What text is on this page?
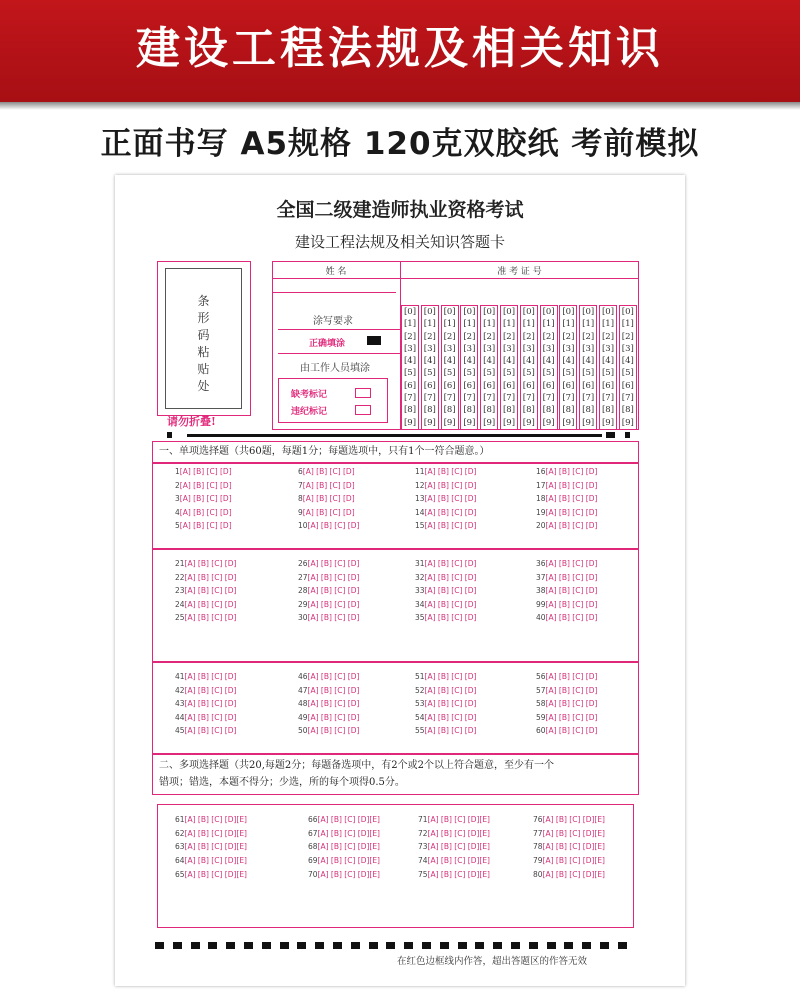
建设工程法规及相关知识
正面书写 A5规格 120克双胶纸 考前模拟
全国二级建造师执业资格考试
建设工程法规及相关知识答题卡
条
形
码
粘
贴
处
请勿折叠!
姓 名	准 考 证 号
涂写要求
正确填涂
由工作人员填涂
缺考标记
违纪标记
[0]
[1]
[2]
[3]
[4]
[5]
[6]
[7]
[8]
[9]
[0]
[1]
[2]
[3]
[4]
[5]
[6]
[7]
[8]
[9]
[0]
[1]
[2]
[3]
[4]
[5]
[6]
[7]
[8]
[9]
[0]
[1]
[2]
[3]
[4]
[5]
[6]
[7]
[8]
[9]
[0]
[1]
[2]
[3]
[4]
[5]
[6]
[7]
[8]
[9]
[0]
[1]
[2]
[3]
[4]
[5]
[6]
[7]
[8]
[9]
[0]
[1]
[2]
[3]
[4]
[5]
[6]
[7]
[8]
[9]
[0]
[1]
[2]
[3]
[4]
[5]
[6]
[7]
[8]
[9]
[0]
[1]
[2]
[3]
[4]
[5]
[6]
[7]
[8]
[9]
[0]
[1]
[2]
[3]
[4]
[5]
[6]
[7]
[8]
[9]
[0]
[1]
[2]
[3]
[4]
[5]
[6]
[7]
[8]
[9]
[0]
[1]
[2]
[3]
[4]
[5]
[6]
[7]
[8]
[9]
一、单项选择题（共60题，每题1分；每题选项中，只有1个一符合题意。）
二、多项选择题（共20,每题2分；每题备选项中，有2个或2个以上符合题意，至少有一个
错项；错选，本题不得分；少选，所的每个项得0.5分。
1[A] [B] [C] [D]
2[A] [B] [C] [D]
3[A] [B] [C] [D]
4[A] [B] [C] [D]
5[A] [B] [C] [D]
6[A] [B] [C] [D]
7[A] [B] [C] [D]
8[A] [B] [C] [D]
9[A] [B] [C] [D]
10[A] [B] [C] [D]
11[A] [B] [C] [D]
12[A] [B] [C] [D]
13[A] [B] [C] [D]
14[A] [B] [C] [D]
15[A] [B] [C] [D]
16[A] [B] [C] [D]
17[A] [B] [C] [D]
18[A] [B] [C] [D]
19[A] [B] [C] [D]
20[A] [B] [C] [D]
21[A] [B] [C] [D]
22[A] [B] [C] [D]
23[A] [B] [C] [D]
24[A] [B] [C] [D]
25[A] [B] [C] [D]
26[A] [B] [C] [D]
27[A] [B] [C] [D]
28[A] [B] [C] [D]
29[A] [B] [C] [D]
30[A] [B] [C] [D]
31[A] [B] [C] [D]
32[A] [B] [C] [D]
33[A] [B] [C] [D]
34[A] [B] [C] [D]
35[A] [B] [C] [D]
36[A] [B] [C] [D]
37[A] [B] [C] [D]
38[A] [B] [C] [D]
99[A] [B] [C] [D]
40[A] [B] [C] [D]
41[A] [B] [C] [D]
42[A] [B] [C] [D]
43[A] [B] [C] [D]
44[A] [B] [C] [D]
45[A] [B] [C] [D]
46[A] [B] [C] [D]
47[A] [B] [C] [D]
48[A] [B] [C] [D]
49[A] [B] [C] [D]
50[A] [B] [C] [D]
51[A] [B] [C] [D]
52[A] [B] [C] [D]
53[A] [B] [C] [D]
54[A] [B] [C] [D]
55[A] [B] [C] [D]
56[A] [B] [C] [D]
57[A] [B] [C] [D]
58[A] [B] [C] [D]
59[A] [B] [C] [D]
60[A] [B] [C] [D]
61[A] [B] [C] [D][E]
62[A] [B] [C] [D][E]
63[A] [B] [C] [D][E]
64[A] [B] [C] [D][E]
65[A] [B] [C] [D][E]
66[A] [B] [C] [D][E]
67[A] [B] [C] [D][E]
68[A] [B] [C] [D][E]
69[A] [B] [C] [D][E]
70[A] [B] [C] [D][E]
71[A] [B] [C] [D][E]
72[A] [B] [C] [D][E]
73[A] [B] [C] [D][E]
74[A] [B] [C] [D][E]
75[A] [B] [C] [D][E]
76[A] [B] [C] [D][E]
77[A] [B] [C] [D][E]
78[A] [B] [C] [D][E]
79[A] [B] [C] [D][E]
80[A] [B] [C] [D][E]
在红色边框线内作答，超出答题区的作答无效
